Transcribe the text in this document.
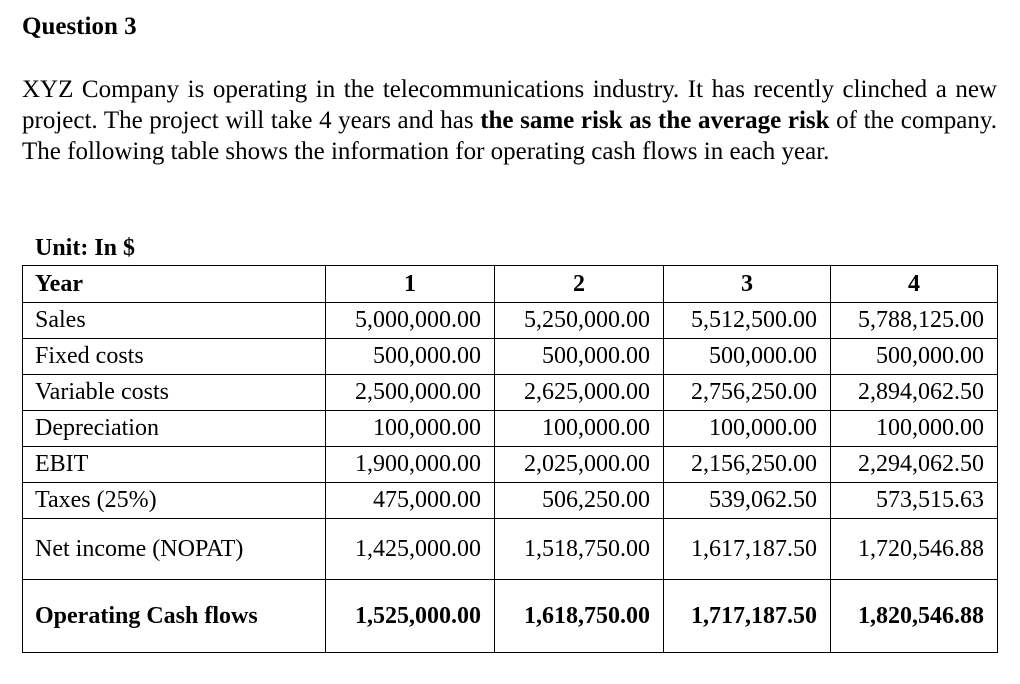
Question 3
XYZ Company is operating in the telecommunications industry. It has recently clinched a new project. The project will take 4 years and has the same risk as the average risk of the company. The following table shows the information for operating cash flows in each year.
Unit: In $
Year	1	2	3	4
Sales	5,000,000.00	5,250,000.00	5,512,500.00	5,788,125.00
Fixed costs	500,000.00	500,000.00	500,000.00	500,000.00
Variable costs	2,500,000.00	2,625,000.00	2,756,250.00	2,894,062.50
Depreciation	100,000.00	100,000.00	100,000.00	100,000.00
EBIT	1,900,000.00	2,025,000.00	2,156,250.00	2,294,062.50
Taxes (25%)	475,000.00	506,250.00	539,062.50	573,515.63
Net income (NOPAT)	1,425,000.00	1,518,750.00	1,617,187.50	1,720,546.88
Operating Cash flows	1,525,000.00	1,618,750.00	1,717,187.50	1,820,546.88
